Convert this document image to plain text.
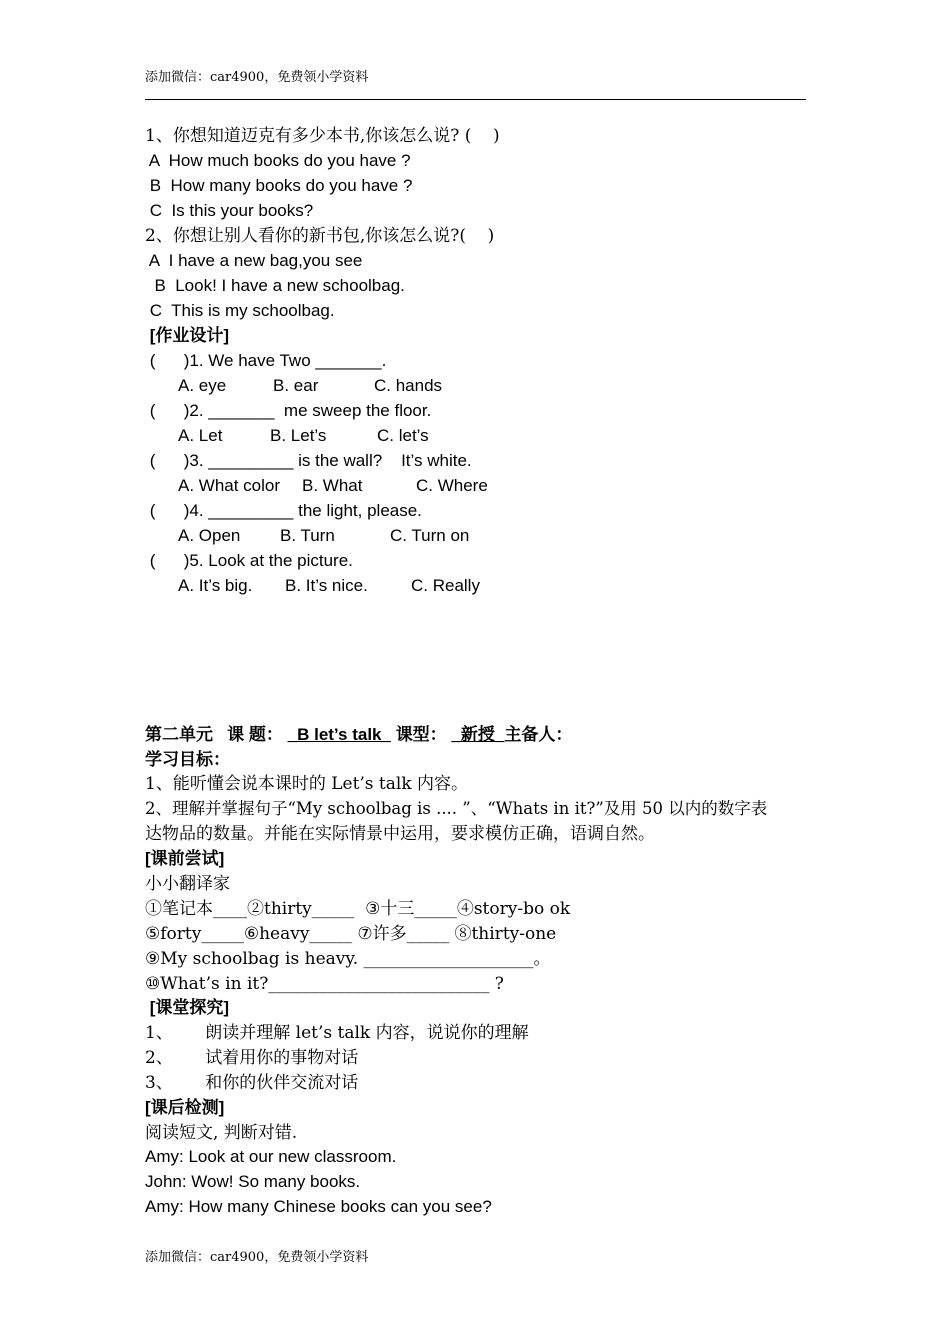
添加微信：car4900，免费领小学资料
1、你想知道迈克有多少本书,你该怎么说? (    )
A  How much books do you have ?
B  How many books do you have ?
C  Is this your books?
2、你想让别人看你的新书包,你该怎么说?(    )
A  I have a new bag,you see
B  Look! I have a new schoolbag.
C  This is my schoolbag.
[作业设计]
(      )1. We have Two _______.
A. eye	B. ear	C. hands
(      )2. _______  me sweep the floor.
A. Let	B. Let’s	C. let’s
(      )3. _________ is the wall?    It’s white.
A. What color B. What	C. Where
(      )4. _________ the light, please.
A. Open B. Turn	C. Turn on
(      )5. Look at the picture.
A. It’s big. B. It’s nice.	C. Really
第二单元   课 题： _B let’s talk_ 课型： _新授_主备人：
学习目标：
1、能听懂会说本课时的 Let’s talk 内容。
2、理解并掌握句子“My schoolbag is .... ”、“Whats in it?”及用 50 以内的数字表
达物品的数量。并能在实际情景中运用，要求模仿正确，语调自然。
[课前尝试]
小小翻译家
①笔记本____②thirty_____  ③十三_____④story-bo ok
⑤forty_____⑥heavy_____ ⑦许多_____ ⑧thirty-one
⑨My schoolbag is heavy. ____________________。
⑩What’s in it?__________________________ ?
[课堂探究]
1、      朗读并理解 let’s talk 内容，说说你的理解
2、      试着用你的事物对话
3、      和你的伙伴交流对话
[课后检测]
阅读短文, 判断对错.
Amy: Look at our new classroom.
John: Wow! So many books.
Amy: How many Chinese books can you see?
添加微信：car4900，免费领小学资料
